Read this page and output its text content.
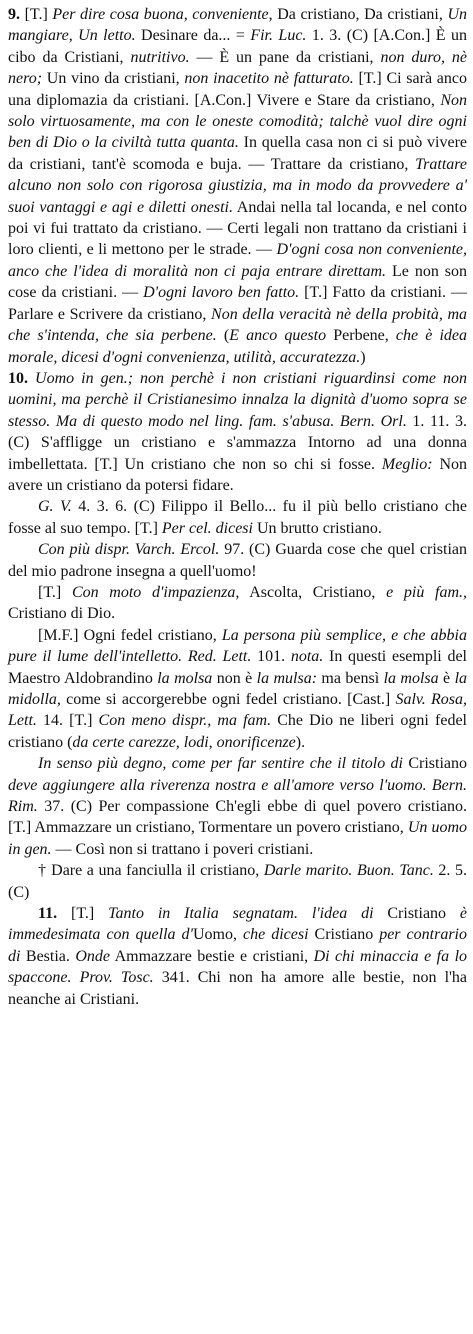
9. [T.] Per dire cosa buona, conveniente, Da cristiano, Da cristiani, Un mangiare, Un letto. Desinare da... = Fir. Luc. 1. 3. (C) [A.Con.] È un cibo da Cristiani, nutritivo. — È un pane da cristiani, non duro, nè nero; Un vino da cristiani, non inacetito nè fatturato. [T.] Ci sarà anco una diplomazia da cristiani. [A.Con.] Vivere e Stare da cristiano, Non solo virtuosamente, ma con le oneste comodità; talchè vuol dire ogni ben di Dio o la civiltà tutta quanta. In quella casa non ci si può vivere da cristiani, tant'è scomoda e buja. — Trattare da cristiano, Trattare alcuno non solo con rigorosa giustizia, ma in modo da provvedere a' suoi vantaggi e agi e diletti onesti. Andai nella tal locanda, e nel conto poi vi fui trattato da cristiano. — Certi legali non trattano da cristiani i loro clienti, e li mettono per le strade. — D'ogni cosa non conveniente, anco che l'idea di moralità non ci paja entrare direttam. Le non son cose da cristiani. — D'ogni lavoro ben fatto. [T.] Fatto da cristiani. — Parlare e Scrivere da cristiano, Non della veracità nè della probità, ma che s'intenda, che sia perbene. (E anco questo Perbene, che è idea morale, dicesi d'ogni convenienza, utilità, accuratezza.)

10. Uomo in gen.; non perchè i non cristiani riguardinsi come non uomini, ma perchè il Cristianesimo innalza la dignità d'uomo sopra se stesso. Ma di questo modo nel ling. fam. s'abusa. Bern. Orl. 1. 11. 3. (C) S'affligge un cristiano e s'ammazza Intorno ad una donna imbellettata. [T.] Un cristiano che non so chi si fosse. Meglio: Non avere un cristiano da potersi fidare.

G. V. 4. 3. 6. (C) Filippo il Bello... fu il più bello cristiano che fosse al suo tempo. [T.] Per cel. dicesi Un brutto cristiano.

Con più dispr. Varch. Ercol. 97. (C) Guarda cose che quel cristian del mio padrone insegna a quell'uomo!

[T.] Con moto d'impazienza, Ascolta, Cristiano, e più fam., Cristiano di Dio.

[M.F.] Ogni fedel cristiano, La persona più semplice, e che abbia pure il lume dell'intelletto. Red. Lett. 101. nota. In questi esempli del Maestro Aldobrandino la molsa non è la mulsa: ma bensì la molsa è la midolla, come si accorgerebbe ogni fedel cristiano. [Cast.] Salv. Rosa, Lett. 14. [T.] Con meno dispr., ma fam. Che Dio ne liberi ogni fedel cristiano (da certe carezze, lodi, onorificenze).

In senso più degno, come per far sentire che il titolo di Cristiano deve aggiungere alla riverenza nostra e all'amore verso l'uomo. Bern. Rim. 37. (C) Per compassione Ch'egli ebbe di quel povero cristiano. [T.] Ammazzare un cristiano, Tormentare un povero cristiano, Un uomo in gen. — Così non si trattano i poveri cristiani.

† Dare a una fanciulla il cristiano, Darle marito. Buon. Tanc. 2. 5. (C)

11. [T.] Tanto in Italia segnatam. l'idea di Cristiano è immedesimata con quella d'Uomo, che dicesi Cristiano per contrario di Bestia. Onde Ammazzare bestie e cristiani, Di chi minaccia e fa lo spaccone. Prov. Tosc. 341. Chi non ha amore alle bestie, non l'ha neanche ai Cristiani.
